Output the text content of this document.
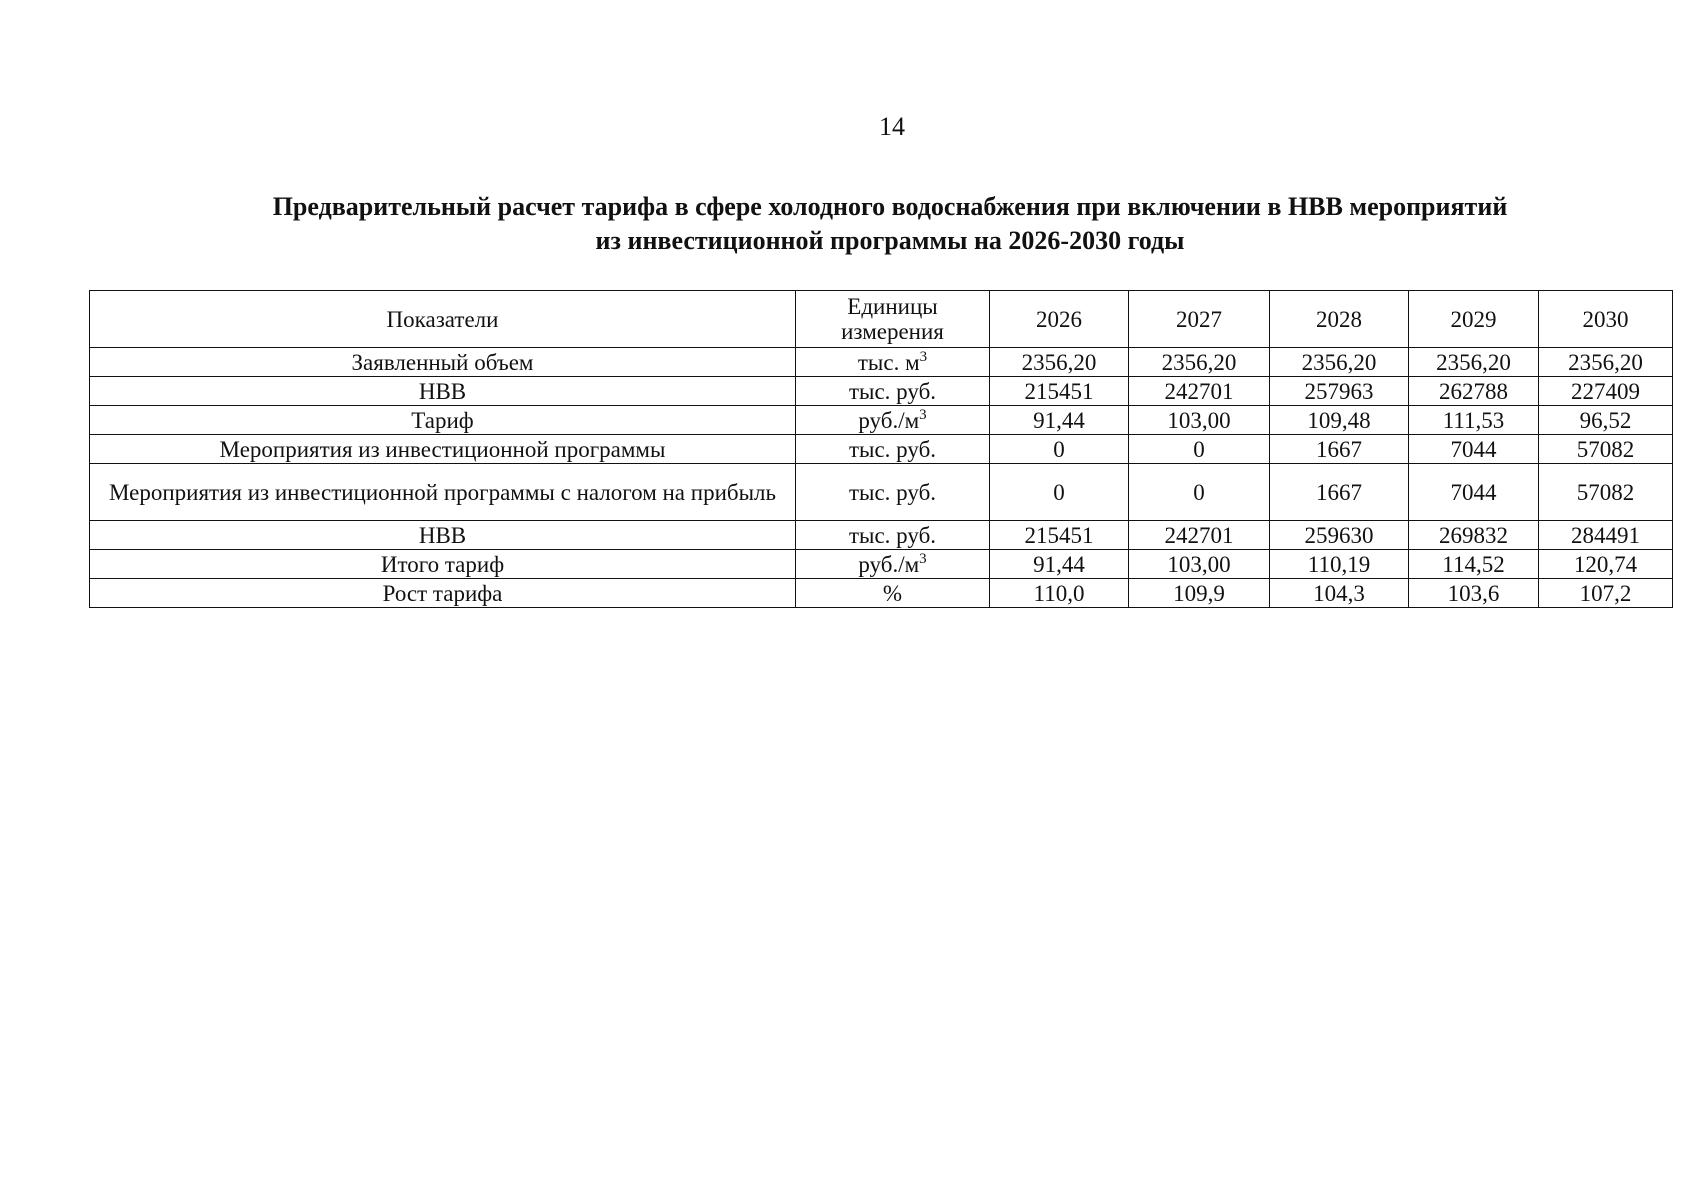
14
Предварительный расчет тарифа в сфере холодного водоснабжения при включении в НВВ мероприятий
из инвестиционной программы на 2026-2030 годы
Показатели	Единицы измерения	2026	2027	2028	2029	2030
Заявленный объем	тыс. $м^3$	2356,20	2356,20	2356,20	2356,20	2356,20
НВВ	тыс. руб.	215451	242701	257963	262788	227409
Тариф	$руб./м^3$	91,44	103,00	109,48	111,53	96,52
Мероприятия из инвестиционной программы	тыс. руб.	0	0	1667	7044	57082
Мероприятия из инвестиционной программы с налогом на прибыль	тыс. руб.	0	0	1667	7044	57082
НВВ	тыс. руб.	215451	242701	259630	269832	284491
Итого тариф	$руб./м^3$	91,44	103,00	110,19	114,52	120,74
Рост тарифа	%	110,0	109,9	104,3	103,6	107,2
